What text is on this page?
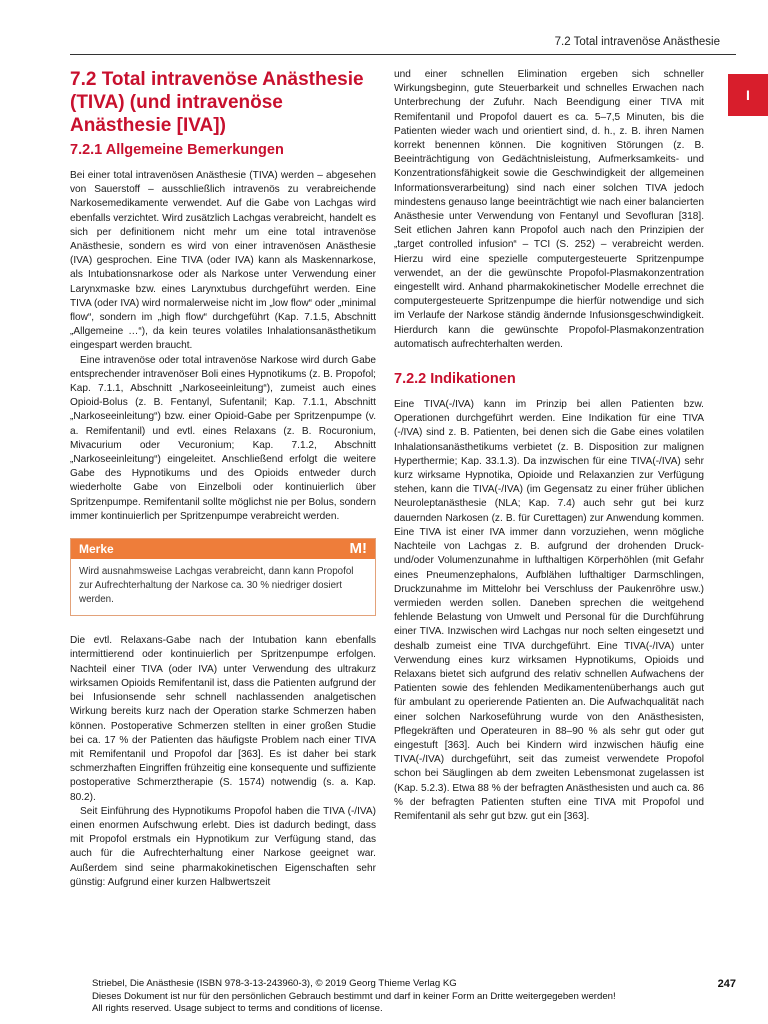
7.2 Total intravenöse Anästhesie
I
7.2 Total intravenöse Anästhesie (TIVA) (und intravenöse Anästhesie [IVA])
7.2.1 Allgemeine Bemerkungen

Bei einer total intravenösen Anästhesie (TIVA) werden – abgesehen von Sauerstoff – ausschließlich intravenös zu verabreichende Narkosemedikamente verwendet. Auf die Gabe von Lachgas wird ebenfalls verzichtet. Wird zusätzlich Lachgas verabreicht, handelt es sich per definitionem nicht mehr um eine total intravenöse Anästhesie, sondern es wird von einer intravenösen Anästhesie (IVA) gesprochen. Eine TIVA (oder IVA) kann als Maskennarkose, als Intubationsnarkose oder als Narkose unter Verwendung einer Larynxmaske bzw. eines Larynxtubus durchgeführt werden. Eine TIVA (oder IVA) wird normalerweise nicht im „low flow“ oder „minimal flow“, sondern im „high flow“ durchgeführt (Kap. 7.1.5, Abschnitt „Allgemeine …“), da kein teures volatiles Inhalationsanästhetikum eingespart werden braucht.

Eine intravenöse oder total intravenöse Narkose wird durch Gabe entsprechender intravenöser Boli eines Hypnotikums (z. B. Propofol; Kap. 7.1.1, Abschnitt „Narkoseeinleitung“), zumeist auch eines Opioid-Bolus (z. B. Fentanyl, Sufentanil; Kap. 7.1.1, Abschnitt „Narkoseeinleitung“) bzw. einer Opioid-Gabe per Spritzenpumpe (v. a. Remifentanil) und evtl. eines Relaxans (z. B. Rocuronium, Mivacurium oder Vecuronium; Kap. 7.1.2, Abschnitt „Narkoseeinleitung“) eingeleitet. Anschließend erfolgt die weitere Gabe des Hypnotikums und des Opioids entweder durch wiederholte Gabe von Einzelboli oder kontinuierlich über Spritzenpumpe. Remifentanil sollte möglichst nie per Bolus, sondern immer kontinuierlich per Spritzenpumpe verabreicht werden.

Merke	M!
Wird ausnahmsweise Lachgas verabreicht, dann kann Propofol zur Aufrechterhaltung der Narkose ca. 30 % niedriger dosiert werden.

Die evtl. Relaxans-Gabe nach der Intubation kann ebenfalls intermittierend oder kontinuierlich per Spritzenpumpe erfolgen. Nachteil einer TIVA (oder IVA) unter Verwendung des ultrakurz wirksamen Opioids Remifentanil ist, dass die Patienten aufgrund der bei Infusionsende sehr schnell nachlassenden analgetischen Wirkung bereits kurz nach der Operation starke Schmerzen haben können. Postoperative Schmerzen stellten in einer großen Studie bei ca. 17 % der Patienten das häufigste Problem nach einer TIVA mit Remifentanil und Propofol dar [363]. Es ist daher bei stark schmerzhaften Eingriffen frühzeitig eine konsequente und suffiziente postoperative Schmerztherapie (S. 1574) notwendig (s. a. Kap. 80.2).

Seit Einführung des Hypnotikums Propofol haben die TIVA (-/IVA) einen enormen Aufschwung erlebt. Dies ist dadurch bedingt, dass mit Propofol erstmals ein Hypnotikum zur Verfügung stand, das auch für die Aufrechterhaltung einer Narkose geeignet war. Außerdem sind seine pharmakokinetischen Eigenschaften sehr günstig: Aufgrund einer kurzen Halbwertszeit

und einer schnellen Elimination ergeben sich schneller Wirkungsbeginn, gute Steuerbarkeit und schnelles Erwachen nach Unterbrechung der Zufuhr. Nach Beendigung einer TIVA mit Remifentanil und Propofol dauert es ca. 5–7,5 Minuten, bis die Patienten wieder wach und orientiert sind, d. h., z. B. ihren Namen korrekt benennen können. Die kognitiven Störungen (z. B. Beeinträchtigung von Gedächtnisleistung, Aufmerksamkeits- und Konzentrationsfähigkeit sowie die Geschwindigkeit der allgemeinen Informationsverarbeitung) sind nach einer solchen TIVA jedoch mindestens genauso lange beeinträchtigt wie nach einer balancierten Anästhesie unter Verwendung von Fentanyl und Sevofluran [318]. Seit etlichen Jahren kann Propofol auch nach den Prinzipien der „target controlled infusion“ – TCI (S. 252) – verabreicht werden. Hierzu wird eine spezielle computergesteuerte Spritzenpumpe verwendet, an der die gewünschte Propofol-Plasmakonzentration eingestellt wird. Anhand pharmakokinetischer Modelle errechnet die computergesteuerte Spritzenpumpe die hierfür notwendige und sich im Verlaufe der Narkose ständig ändernde Infusionsgeschwindigkeit. Hierdurch kann die gewünschte Propofol-Plasmakonzentration automatisch aufrechterhalten werden.

7.2.2 Indikationen

Eine TIVA(-/IVA) kann im Prinzip bei allen Patienten bzw. Operationen durchgeführt werden. Eine Indikation für eine TIVA (-/IVA) sind z. B. Patienten, bei denen sich die Gabe eines volatilen Inhalationsanästhetikums verbietet (z. B. Disposition zur malignen Hyperthermie; Kap. 33.1.3). Da inzwischen für eine TIVA(-/IVA) sehr kurz wirksame Hypnotika, Opioide und Relaxanzien zur Verfügung stehen, kann die TIVA(-/IVA) (im Gegensatz zu einer früher üblichen Neuroleptanästhesie (NLA; Kap. 7.4) auch sehr gut bei kurz dauernden Narkosen (z. B. für Curettagen) zur Anwendung kommen. Eine TIVA ist einer IVA immer dann vorzuziehen, wenn mögliche Nachteile von Lachgas z. B. aufgrund der drohenden Druck- und/oder Volumenzunahme in lufthaltigen Körperhöhlen (mit Gefahr eines Pneumenzephalons, Aufblähen lufthaltiger Darmschlingen, Druckzunahme im Mittelohr bei Verschluss der Paukenröhre usw.) vermieden werden sollen. Daneben sprechen die weitgehend fehlende Belastung von Umwelt und Personal für die Durchführung einer TIVA. Inzwischen wird Lachgas nur noch selten eingesetzt und deshalb zumeist eine TIVA durchgeführt. Eine TIVA(-/IVA) unter Verwendung eines kurz wirksamen Hypnotikums, Opioids und Relaxans bietet sich aufgrund des relativ schnellen Aufwachens der Patienten sowie des fehlenden Medikamentenüberhangs auch gut für ambulant zu operierende Patienten an. Die Aufwachqualität nach einer solchen Narkoseführung wurde von den Anästhesisten, Pflegekräften und Operateuren in 88–90 % als sehr gut oder gut eingestuft [363]. Auch bei Kindern wird inzwischen häufig eine TIVA(-/IVA) durchgeführt, seit das zumeist verwendete Propofol schon bei Säuglingen ab dem zweiten Lebensmonat zugelassen ist (Kap. 5.2.3). Etwa 88 % der befragten Anästhesisten und auch ca. 86 % der befragten Patienten stuften eine TIVA mit Propofol und Remifentanil als sehr gut bzw. gut ein [363].

Striebel, Die Anästhesie (ISBN 978-3-13-243960-3), © 2019 Georg Thieme Verlag KG
Dieses Dokument ist nur für den persönlichen Gebrauch bestimmt und darf in keiner Form an Dritte weitergegeben werden!
All rights reserved. Usage subject to terms and conditions of license.
247
